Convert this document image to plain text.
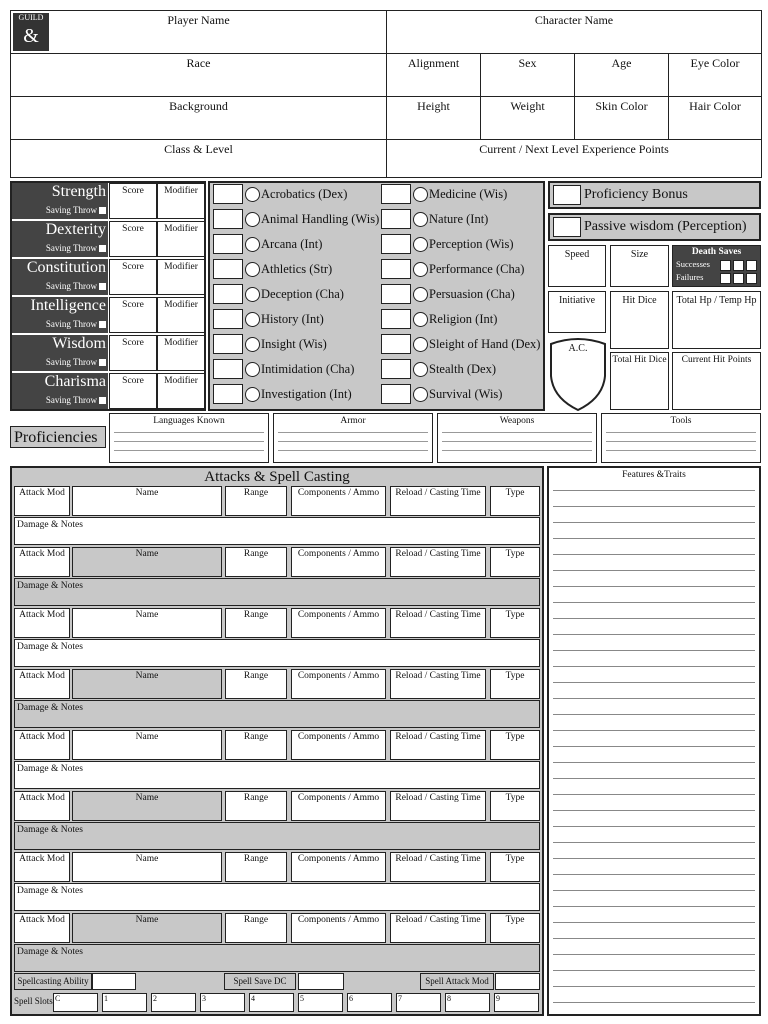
GUILD
&
Player Name	Character Name
Race	Alignment	Sex	Age	Eye Color
Background	Height	Weight	Skin Color	Hair Color
Class & Level	Current / Next Level Experience Points
Proficiency Bonus
Passive wisdom (Perception)
Speed	Size	Death Saves
Successes
Failures
Initiative	Hit Dice	Total Hp / Temp Hp
A.C.
Total Hit Dice	Current Hit Points
Proficiencies
Attacks & Spell Casting	Features &Traits
Strength
Saving Throw
Score	Modifier
Dexterity
Saving Throw
Score	Modifier
Constitution
Saving Throw
Score	Modifier
Intelligence
Saving Throw
Score	Modifier
Wisdom
Saving Throw
Score	Modifier
Charisma
Saving Throw
Score	Modifier
Acrobatics (Dex)
Animal Handling (Wis)
Arcana (Int)
Athletics (Str)
Deception (Cha)
History (Int)
Insight (Wis)
Intimidation (Cha)
Investigation (Int)
Medicine (Wis)
Nature (Int)
Perception (Wis)
Performance (Cha)
Persuasion (Cha)
Religion (Int)
Sleight of Hand (Dex)
Stealth (Dex)
Survival (Wis)
Languages Known	Armor	Weapons	Tools
Attack Mod	Name	Range	Components / Ammo	Reload / Casting Time	Type
Damage & Notes
Attack Mod	Name	Range	Components / Ammo	Reload / Casting Time	Type
Damage & Notes
Attack Mod	Name	Range	Components / Ammo	Reload / Casting Time	Type
Damage & Notes
Attack Mod	Name	Range	Components / Ammo	Reload / Casting Time	Type
Damage & Notes
Attack Mod	Name	Range	Components / Ammo	Reload / Casting Time	Type
Damage & Notes
Attack Mod	Name	Range	Components / Ammo	Reload / Casting Time	Type
Damage & Notes
Attack Mod	Name	Range	Components / Ammo	Reload / Casting Time	Type
Damage & Notes
Attack Mod	Name	Range	Components / Ammo	Reload / Casting Time	Type
Damage & Notes
Spellcasting Ability	Spell Save DC	Spell Attack Mod
Spell Slots C	1	2	3	4	5	6	7	8	9
